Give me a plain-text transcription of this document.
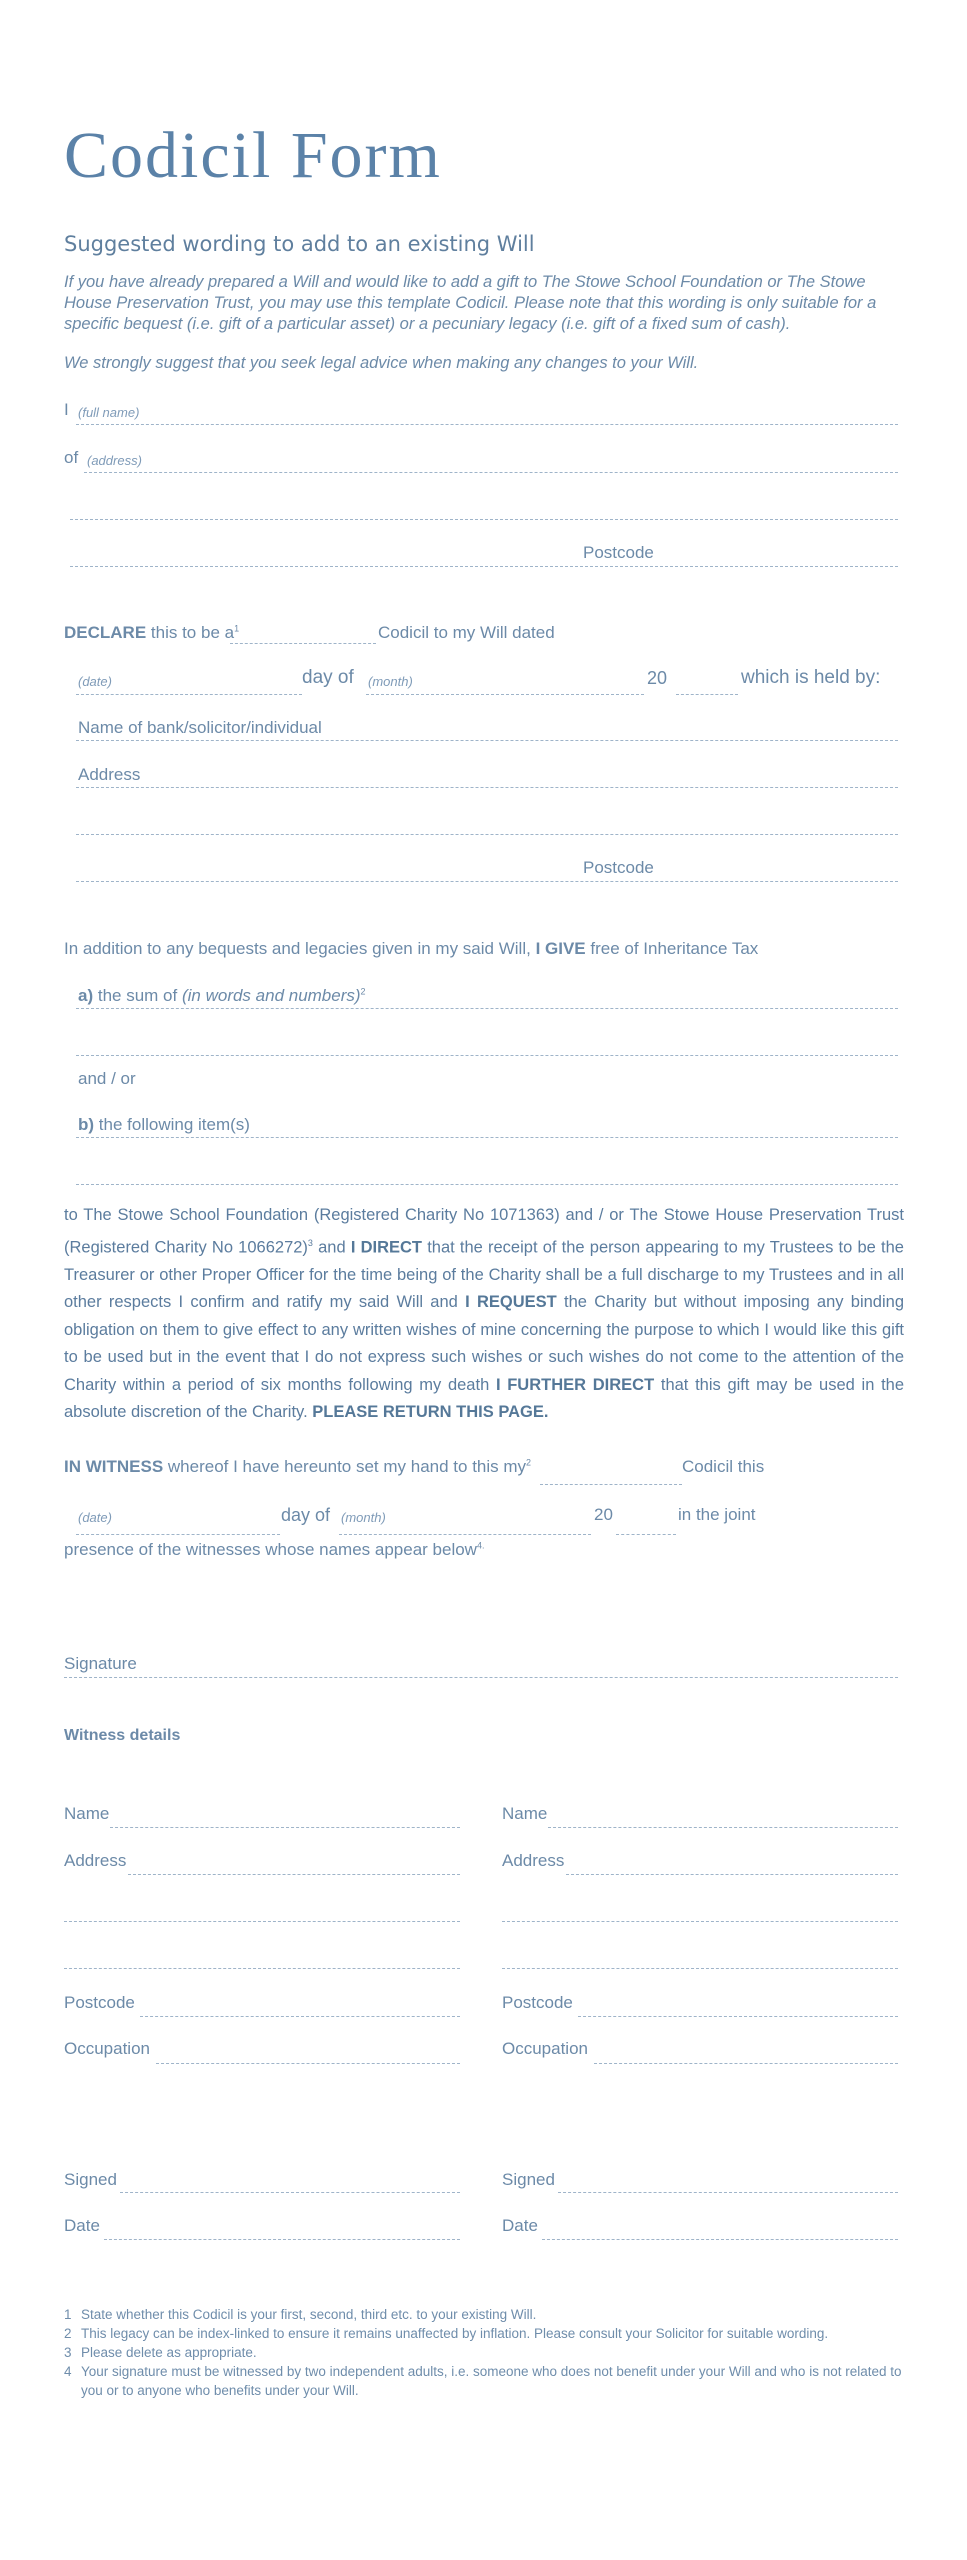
Codicil Form
Suggested wording to add to an existing Will
If you have already prepared a Will and would like to add a gift to The Stowe School Foundation or The Stowe House Preservation Trust, you may use this template Codicil. Please note that this wording is only suitable for a specific bequest (i.e. gift of a particular asset) or a pecuniary legacy (i.e. gift of a fixed sum of cash).
We strongly suggest that you seek legal advice when making any changes to your Will.
I (full name)
of (address)
Postcode
DECLARE this to be $a^1$	Codicil to my Will dated
(date)	day of (month)	20	which is held by:
Name of bank/solicitor/individual
Address
Postcode
In addition to any bequests and legacies given in my said Will, I GIVE free of Inheritance Tax
a) the sum of (in words and numbers)$^2$
and / or
b) the following item(s)
to The Stowe School Foundation (Registered Charity No 1071363) and / or The Stowe House Preservation Trust (Registered Charity No 1066272)$^3$ and I DIRECT that the receipt of the person appearing to my Trustees to be the Treasurer or other Proper Officer for the time being of the Charity shall be a full discharge to my Trustees and in all other respects I confirm and ratify my said Will and I REQUEST the Charity but without imposing any binding obligation on them to give effect to any written wishes of mine concerning the purpose to which I would like this gift to be used but in the event that I do not express such wishes or such wishes do not come to the attention of the Charity within a period of six months following my death I FURTHER DIRECT that this gift may be used in the absolute discretion of the Charity. PLEASE RETURN THIS PAGE.
IN WITNESS whereof I have hereunto set my hand to this $my^2$	Codicil this
(date)	day of (month)	20	in the joint
presence of the witnesses whose names appear below$^{4.}$
Signature
Witness details
Name
Address
Postcode
Occupation
Signed
Date
Name
Address
Postcode
Occupation
Signed
Date
1 State whether this Codicil is your first, second, third etc. to your existing Will.
2 This legacy can be index-linked to ensure it remains unaffected by inflation. Please consult your Solicitor for suitable wording.
3 Please delete as appropriate.
4 Your signature must be witnessed by two independent adults, i.e. someone who does not benefit under your Will and who is not related to you or to anyone who benefits under your Will.
